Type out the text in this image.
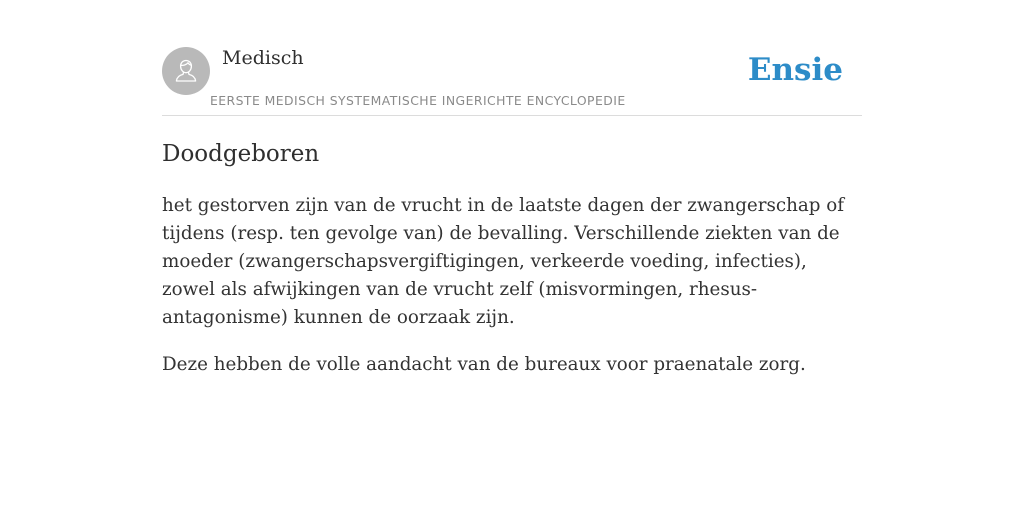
Medisch
EERSTE MEDISCH SYSTEMATISCHE INGERICHTE ENCYCLOPEDIE
Ensie
Doodgeboren

het gestorven zijn van de vrucht in de laatste dagen der zwangerschap of tijdens (resp. ten gevolge van) de bevalling. Verschillende ziekten van de moeder (zwangerschapsvergiftigingen, verkeerde voeding, infecties), zowel als afwijkingen van de vrucht zelf (misvormingen, rhesus-antagonisme) kunnen de oorzaak zijn.

Deze hebben de volle aandacht van de bureaux voor praenatale zorg.
